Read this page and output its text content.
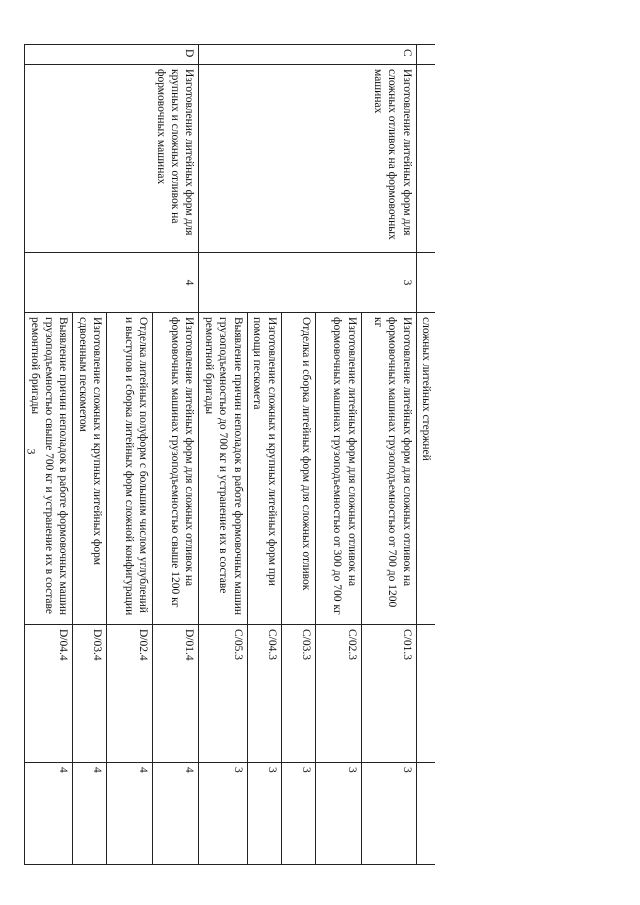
3
				сложных литейных стержней		
C	Изготовление литейных форм для сложных отливок на формовочных машинах	3	Изготовление литейных форм для сложных отливок на формовочных машинах грузоподъемностью от 700 до 1200 кг	C/01.3	3
			Изготовление литейных форм для сложных отливок на формовочных машинах грузоподъемностью от 300 до 700 кг	C/02.3	3
			Отделка и сборка литейных форм для сложных отливок	C/03.3	3
			Изготовление сложных и крупных литейных форм при помощи пескомета	C/04.3	3
			Выявление причин неполадок в работе формовочных машин грузоподъемностью до 700 кг и устранение их в составе ремонтной бригады	C/05.3	3
D	Изготовление литейных форм для крупных и сложных отливок на формовочных машинах	4	Изготовление литейных форм для сложных отливок на формовочных машинах грузоподъемностью свыше 1200 кг	D/01.4	4
			Отделка литейных полуформ с большим числом углублений и выступов и сборка литейных форм сложной конфигурации	D/02.4	4
			Изготовление сложных и крупных литейных форм сдвоенным пескометом	D/03.4	4
			Выявление причин неполадок в работе формовочных машин грузоподъемностью свыше 700 кг и устранение их в составе ремонтной бригады	D/04.4	4
